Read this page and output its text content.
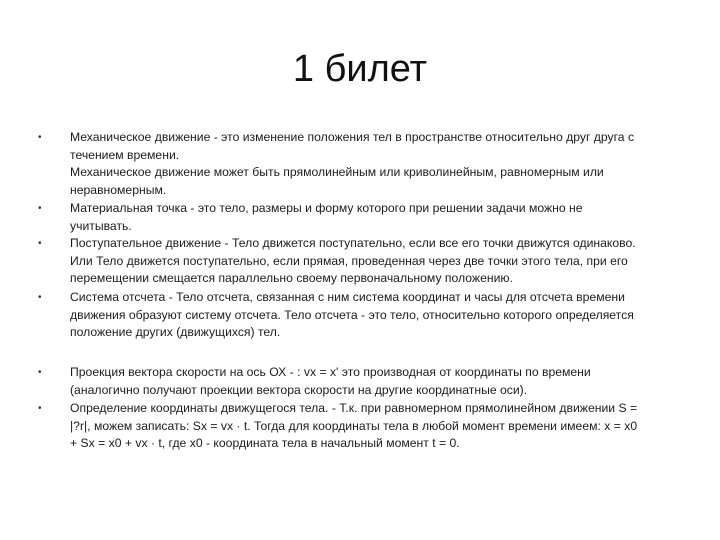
1 билет
• Механическое движение - это изменение положения тел в пространстве относительно друг друга с
течением времени.
Механическое движение может быть прямолинейным или криволинейным, равномерным или
неравномерным.
• Материальная точка - это тело, размеры и форму которого при решении задачи можно не
учитывать.
• Поступательное движение - Тело движется поступательно, если все его точки движутся одинаково.
Или Тело движется поступательно, если прямая, проведенная через две точки этого тела, при его
перемещении смещается параллельно своему первоначальному положению.
• Система отсчета - Тело отсчета, связанная с ним система координат и часы для отсчета времени
движения образуют систему отсчета. Тело отсчета - это тело, относительно которого определяется
положение других (движущихся) тел.
• Проекция вектора скорости на ось ОХ - : vx = x' это производная от координаты по времени
(аналогично получают проекции вектора скорости на другие координатные оси).
• Определение координаты движущегося тела. - Т.к. при равномерном прямолинейном движении S =
|?r|, можем записать: Sx = vx · t. Тогда для координаты тела в любой момент времени имеем: x = x0
+ Sx = x0 + vx · t, где x0 - координата тела в начальный момент t = 0.
